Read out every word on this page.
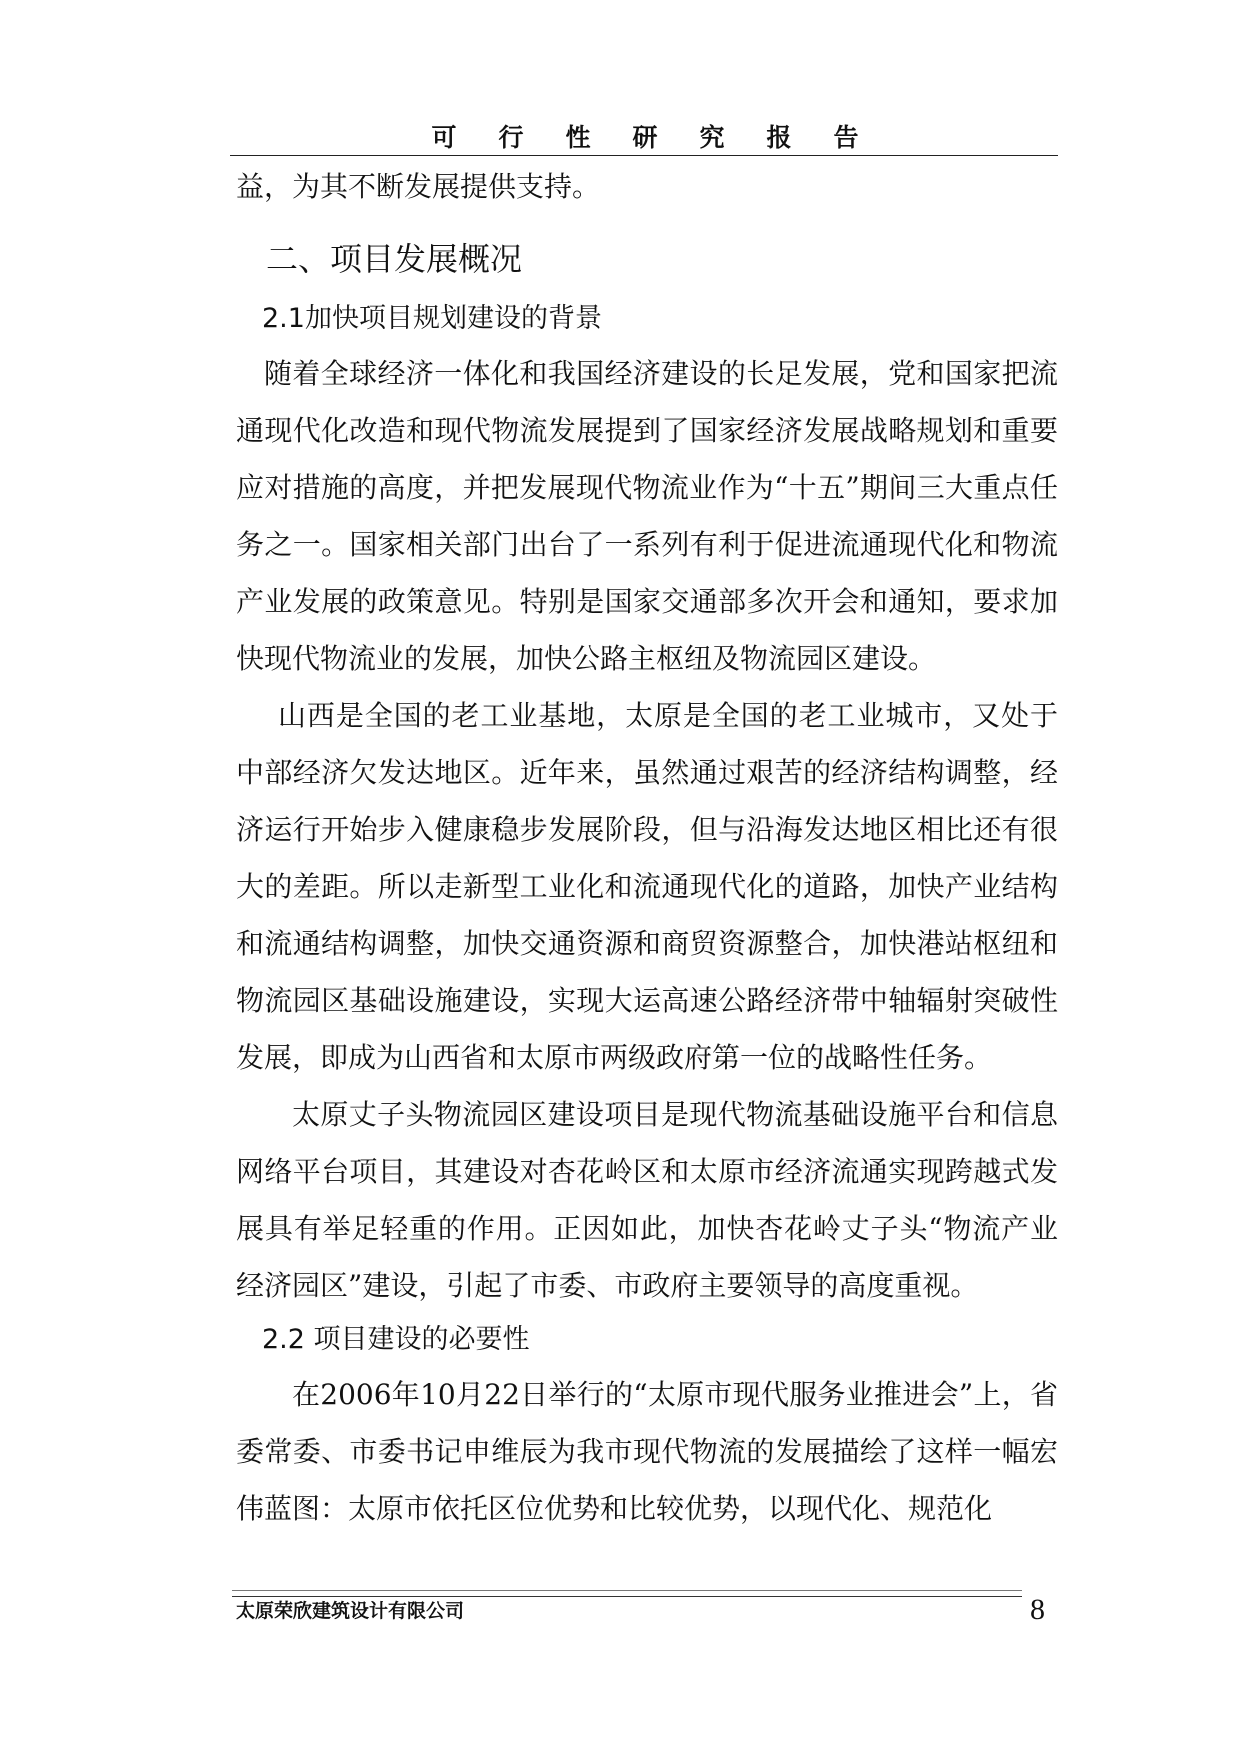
可行性研究报告

益，为其不断发展提供支持。

二、项目发展概况
2.1加快项目规划建设的背景

随着全球经济一体化和我国经济建设的长足发展，党和国家把流通现代化改造和现代物流发展提到了国家经济发展战略规划和重要应对措施的高度，并把发展现代物流业作为“十五”期间三大重点任务之一。国家相关部门出台了一系列有利于促进流通现代化和物流产业发展的政策意见。特别是国家交通部多次开会和通知，要求加快现代物流业的发展，加快公路主枢纽及物流园区建设。

山西是全国的老工业基地，太原是全国的老工业城市，又处于中部经济欠发达地区。近年来，虽然通过艰苦的经济结构调整，经济运行开始步入健康稳步发展阶段，但与沿海发达地区相比还有很大的差距。所以走新型工业化和流通现代化的道路，加快产业结构和流通结构调整，加快交通资源和商贸资源整合，加快港站枢纽和物流园区基础设施建设，实现大运高速公路经济带中轴辐射突破性发展，即成为山西省和太原市两级政府第一位的战略性任务。

太原丈子头物流园区建设项目是现代物流基础设施平台和信息网络平台项目，其建设对杏花岭区和太原市经济流通实现跨越式发展具有举足轻重的作用。正因如此，加快杏花岭丈子头“物流产业经济园区”建设，引起了市委、市政府主要领导的高度重视。

2.2 项目建设的必要性

在2006年10月22日举行的“太原市现代服务业推进会”上，省委常委、市委书记申维辰为我市现代物流的发展描绘了这样一幅宏伟蓝图：太原市依托区位优势和比较优势，以现代化、规范化

太原荣欣建筑设计有限公司	8
